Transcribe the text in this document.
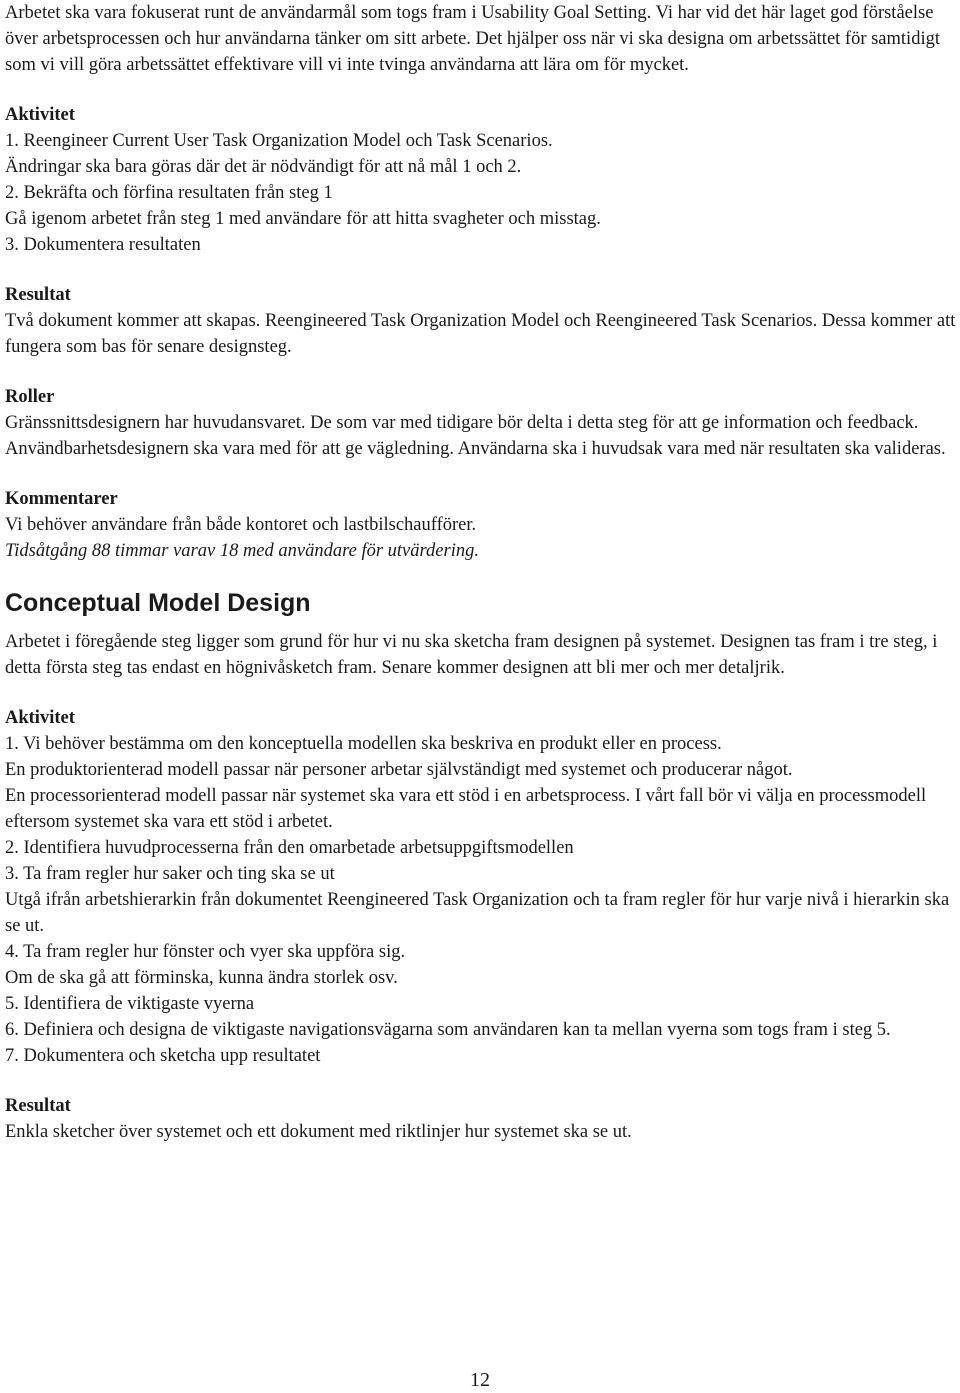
Arbetet ska vara fokuserat runt de användarmål som togs fram i Usability Goal Setting. Vi har vid det här laget god förståelse över arbetsprocessen och hur användarna tänker om sitt arbete. Det hjälper oss när vi ska designa om arbetssättet för samtidigt som vi vill göra arbetssättet effektivare vill vi inte tvinga användarna att lära om för mycket.

Aktivitet

1. Reengineer Current User Task Organization Model och Task Scenarios.

Ändringar ska bara göras där det är nödvändigt för att nå mål 1 och 2.

2. Bekräfta och förfina resultaten från steg 1

Gå igenom arbetet från steg 1 med användare för att hitta svagheter och misstag.

3. Dokumentera resultaten

Resultat

Två dokument kommer att skapas. Reengineered Task Organization Model och Reengineered Task Scenarios. Dessa kommer att fungera som bas för senare designsteg.

Roller

Gränssnittsdesignern har huvudansvaret. De som var med tidigare bör delta i detta steg för att ge information och feedback. Användbarhetsdesignern ska vara med för att ge vägledning. Användarna ska i huvudsak vara med när resultaten ska valideras.

Kommentarer

Vi behöver användare från både kontoret och lastbilschaufförer.

Tidsåtgång 88 timmar varav 18 med användare för utvärdering.

Conceptual Model Design

Arbetet i föregående steg ligger som grund för hur vi nu ska sketcha fram designen på systemet. Designen tas fram i tre steg, i detta första steg tas endast en högnivåsketch fram. Senare kommer designen att bli mer och mer detaljrik.

Aktivitet

1. Vi behöver bestämma om den konceptuella modellen ska beskriva en produkt eller en process.

En produktorienterad modell passar när personer arbetar självständigt med systemet och producerar något.

En processorienterad modell passar när systemet ska vara ett stöd i en arbetsprocess. I vårt fall bör vi välja en processmodell eftersom systemet ska vara ett stöd i arbetet.

2. Identifiera huvudprocesserna från den omarbetade arbetsuppgiftsmodellen

3. Ta fram regler hur saker och ting ska se ut

Utgå ifrån arbetshierarkin från dokumentet Reengineered Task Organization och ta fram regler för hur varje nivå i hierarkin ska se ut.

4. Ta fram regler hur fönster och vyer ska uppföra sig.

Om de ska gå att förminska, kunna ändra storlek osv.

5. Identifiera de viktigaste vyerna

6. Definiera och designa de viktigaste navigationsvägarna som användaren kan ta mellan vyerna som togs fram i steg 5.

7. Dokumentera och sketcha upp resultatet

Resultat

Enkla sketcher över systemet och ett dokument med riktlinjer hur systemet ska se ut.

12
